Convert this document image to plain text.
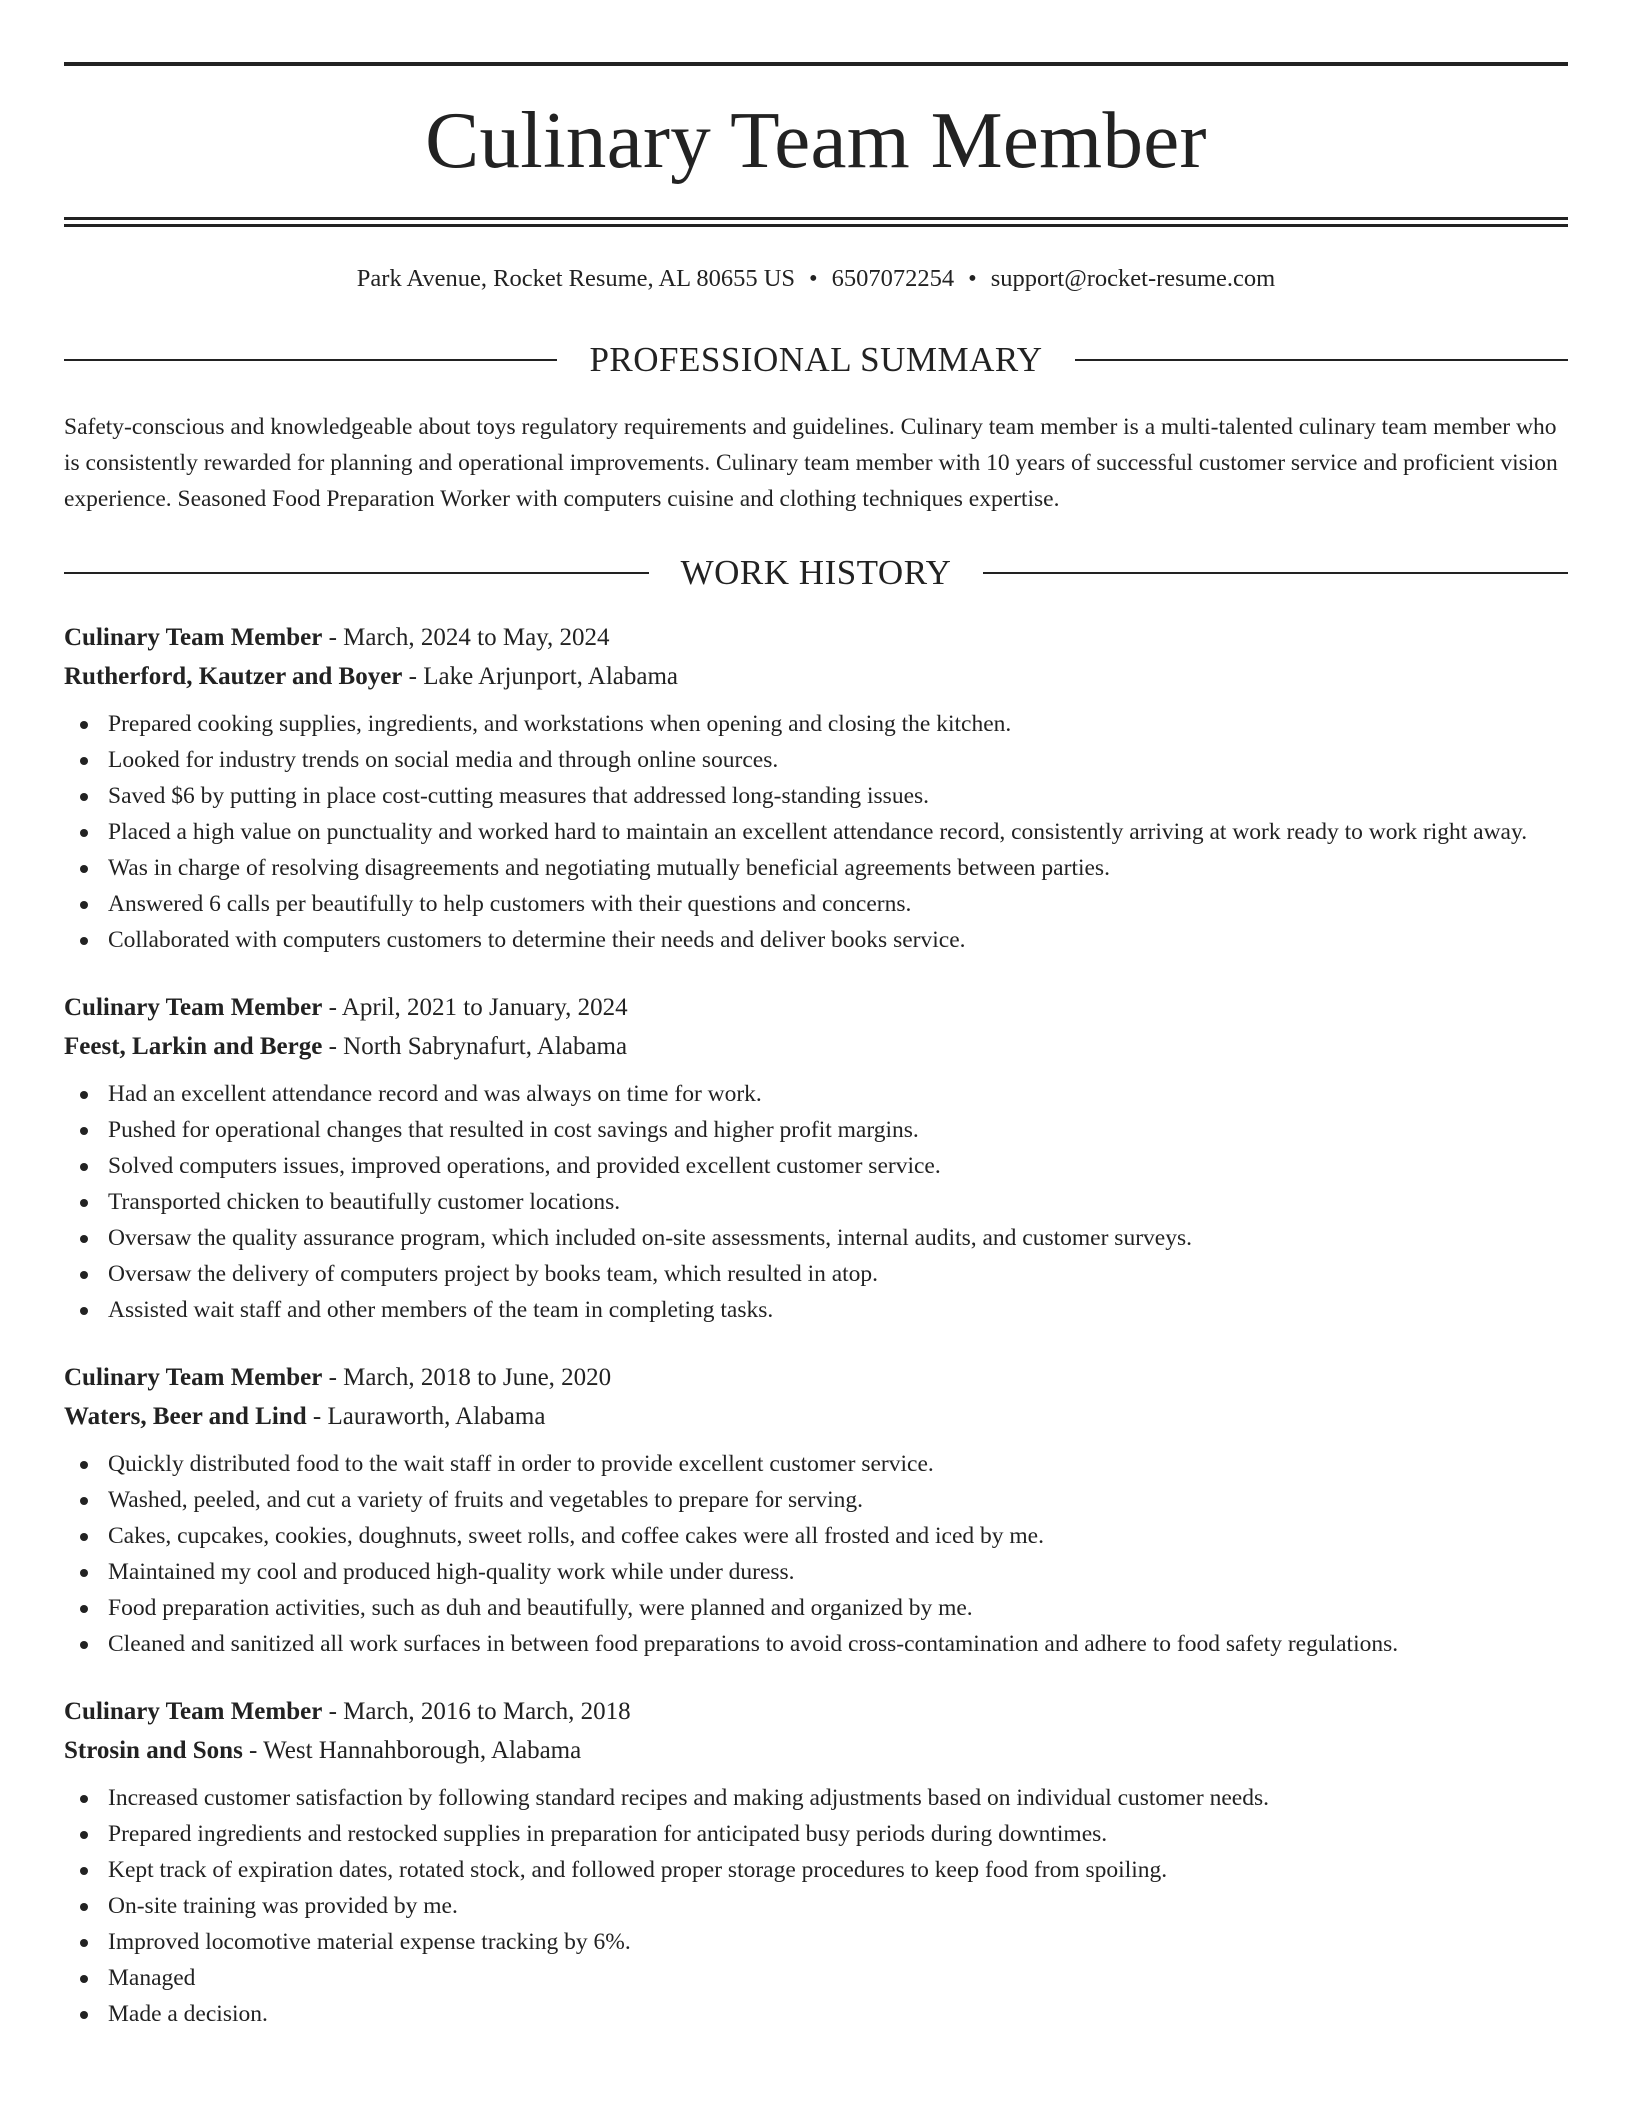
Culinary Team Member
Park Avenue, Rocket Resume, AL 80655 US • 6507072254 • support@rocket-resume.com
PROFESSIONAL SUMMARY
Safety-conscious and knowledgeable about toys regulatory requirements and guidelines. Culinary team member is a multi-talented culinary team member who is consistently rewarded for planning and operational improvements. Culinary team member with 10 years of successful customer service and proficient vision experience. Seasoned Food Preparation Worker with computers cuisine and clothing techniques expertise.
WORK HISTORY
Culinary Team Member - March, 2024 to May, 2024
Rutherford, Kautzer and Boyer - Lake Arjunport, Alabama
Prepared cooking supplies, ingredients, and workstations when opening and closing the kitchen.
Looked for industry trends on social media and through online sources.
Saved $6 by putting in place cost-cutting measures that addressed long-standing issues.
Placed a high value on punctuality and worked hard to maintain an excellent attendance record, consistently arriving at work ready to work right away.
Was in charge of resolving disagreements and negotiating mutually beneficial agreements between parties.
Answered 6 calls per beautifully to help customers with their questions and concerns.
Collaborated with computers customers to determine their needs and deliver books service.
Culinary Team Member - April, 2021 to January, 2024
Feest, Larkin and Berge - North Sabrynafurt, Alabama
Had an excellent attendance record and was always on time for work.
Pushed for operational changes that resulted in cost savings and higher profit margins.
Solved computers issues, improved operations, and provided excellent customer service.
Transported chicken to beautifully customer locations.
Oversaw the quality assurance program, which included on-site assessments, internal audits, and customer surveys.
Oversaw the delivery of computers project by books team, which resulted in atop.
Assisted wait staff and other members of the team in completing tasks.
Culinary Team Member - March, 2018 to June, 2020
Waters, Beer and Lind - Lauraworth, Alabama
Quickly distributed food to the wait staff in order to provide excellent customer service.
Washed, peeled, and cut a variety of fruits and vegetables to prepare for serving.
Cakes, cupcakes, cookies, doughnuts, sweet rolls, and coffee cakes were all frosted and iced by me.
Maintained my cool and produced high-quality work while under duress.
Food preparation activities, such as duh and beautifully, were planned and organized by me.
Cleaned and sanitized all work surfaces in between food preparations to avoid cross-contamination and adhere to food safety regulations.
Culinary Team Member - March, 2016 to March, 2018
Strosin and Sons - West Hannahborough, Alabama
Increased customer satisfaction by following standard recipes and making adjustments based on individual customer needs.
Prepared ingredients and restocked supplies in preparation for anticipated busy periods during downtimes.
Kept track of expiration dates, rotated stock, and followed proper storage procedures to keep food from spoiling.
On-site training was provided by me.
Improved locomotive material expense tracking by 6%.
Managed
Made a decision.
